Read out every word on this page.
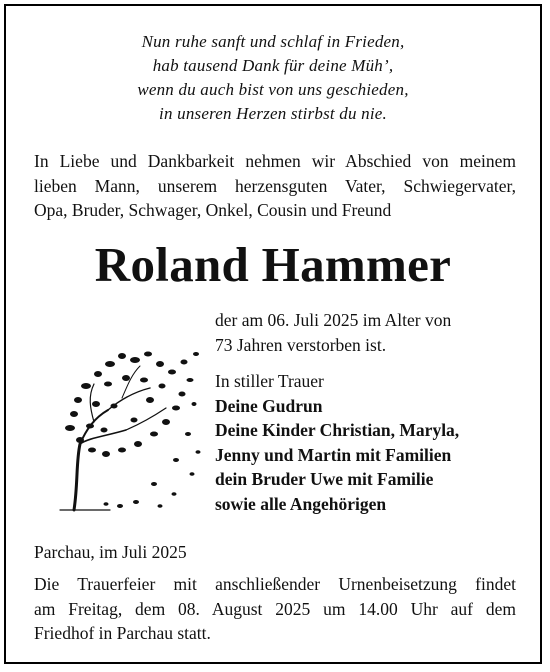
Nun ruhe sanft und schlaf in Frieden,
hab tausend Dank für deine Müh’,
wenn du auch bist von uns geschieden,
in unseren Herzen stirbst du nie.
In Liebe und Dankbarkeit nehmen wir Abschied von meinem
lieben Mann, unserem herzensguten Vater, Schwiegervater,
Opa, Bruder, Schwager, Onkel, Cousin und Freund
Roland Hammer
der am 06. Juli 2025 im Alter von
73 Jahren verstorben ist.
In stiller Trauer
Deine Gudrun
Deine Kinder Christian, Maryla,
Jenny und Martin mit Familien
dein Bruder Uwe mit Familie
sowie alle Angehörigen
Parchau, im Juli 2025
Die Trauerfeier mit anschließender Urnenbeisetzung findet
am Freitag, dem 08. August 2025 um 14.00 Uhr auf dem
Friedhof in Parchau statt.
